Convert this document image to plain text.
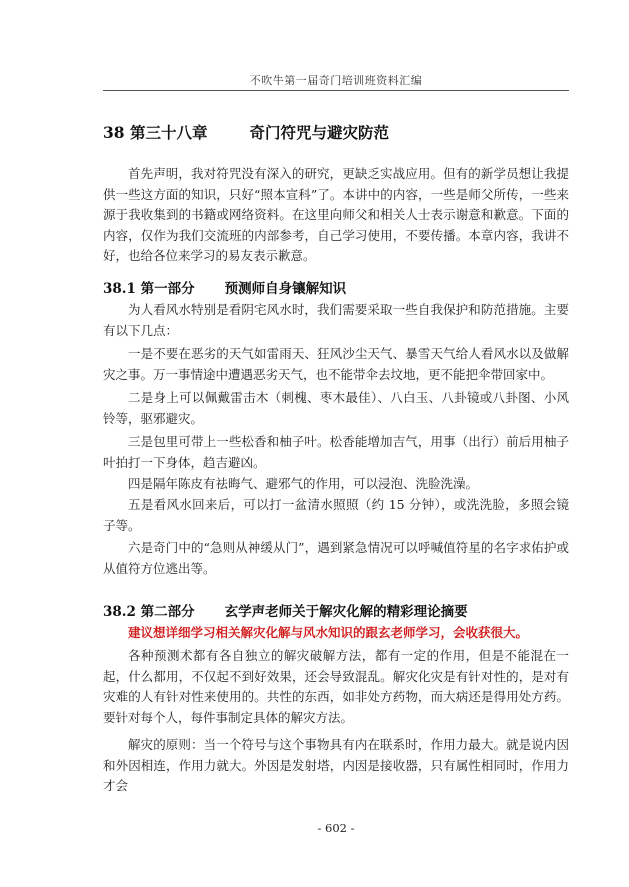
不吹牛第一届奇门培训班资料汇编
38 第三十八章	奇门符咒与避灾防范

首先声明，我对符咒没有深入的研究，更缺乏实战应用。但有的新学员想让我提供一些这方面的知识，只好“照本宣科”了。本讲中的内容，一些是师父所传，一些来源于我收集到的书籍或网络资料。在这里向师父和相关人士表示谢意和歉意。下面的内容，仅作为我们交流班的内部参考，自己学习使用，不要传播。本章内容，我讲不好，也给各位来学习的易友表示歉意。

38.1 第一部分 预测师自身镶解知识

为人看风水特别是看阴宅风水时，我们需要采取一些自我保护和防范措施。主要有以下几点：

一是不要在恶劣的天气如雷雨天、狂风沙尘天气、暴雪天气给人看风水以及做解灾之事。万一事情途中遭遇恶劣天气，也不能带伞去坟地，更不能把伞带回家中。

二是身上可以佩戴雷击木（刺槐、枣木最佳）、八白玉、八卦镜或八卦图、小风铃等，驱邪避灾。

三是包里可带上一些松香和柚子叶。松香能增加吉气，用事（出行）前后用柚子叶拍打一下身体，趋吉避凶。

四是隔年陈皮有祛晦气、避邪气的作用，可以浸泡、洗脸洗澡。

五是看风水回来后，可以打一盆清水照照（约 15 分钟），或洗洗脸，多照会镜子等。

六是奇门中的“急则从神缓从门”，遇到紧急情况可以呼喊值符星的名字求佑护或从值符方位逃出等。

38.2 第二部分 玄学声老师关于解灾化解的精彩理论摘要

建议想详细学习相关解灾化解与风水知识的跟玄老师学习，会收获很大。

各种预测术都有各自独立的解灾破解方法，都有一定的作用，但是不能混在一起，什么都用，不仅起不到好效果，还会导致混乱。解灾化灾是有针对性的，是对有灾难的人有针对性来使用的。共性的东西，如非处方药物，而大病还是得用处方药。要针对每个人，每件事制定具体的解灾方法。

解灾的原则：当一个符号与这个事物具有内在联系时，作用力最大。就是说内因和外因相连，作用力就大。外因是发射塔，内因是接收器，只有属性相同时，作用力才会

- 602 -
